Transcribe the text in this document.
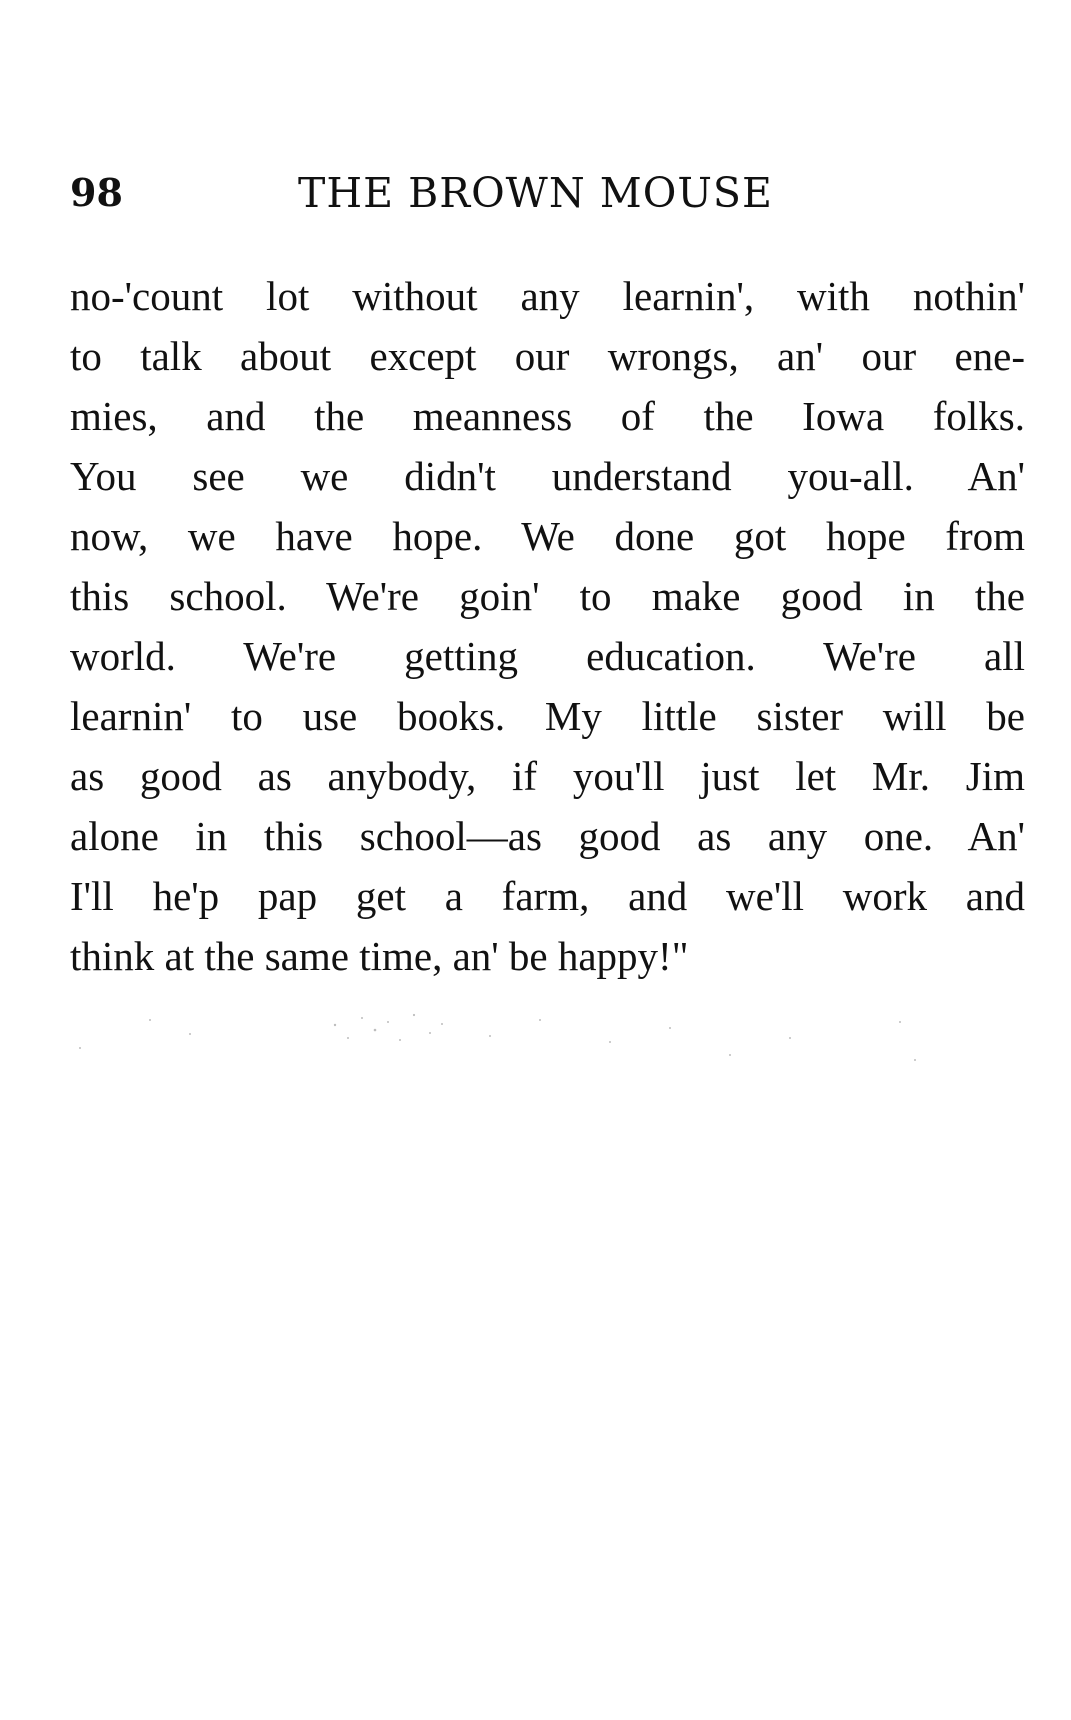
98	THE BROWN MOUSE
no-'count lot without any learnin', with nothin'
to talk about except our wrongs, an' our ene-
mies, and the meanness of the Iowa folks.
You see we didn't understand you-all. An'
now, we have hope. We done got hope from
this school. We're goin' to make good in the
world. We're getting education. We're all
learnin' to use books. My little sister will be
as good as anybody, if you'll just let Mr. Jim
alone in this school—as good as any one. An'
I'll he'p pap get a farm, and we'll work and
think at the same time, an' be happy!"
